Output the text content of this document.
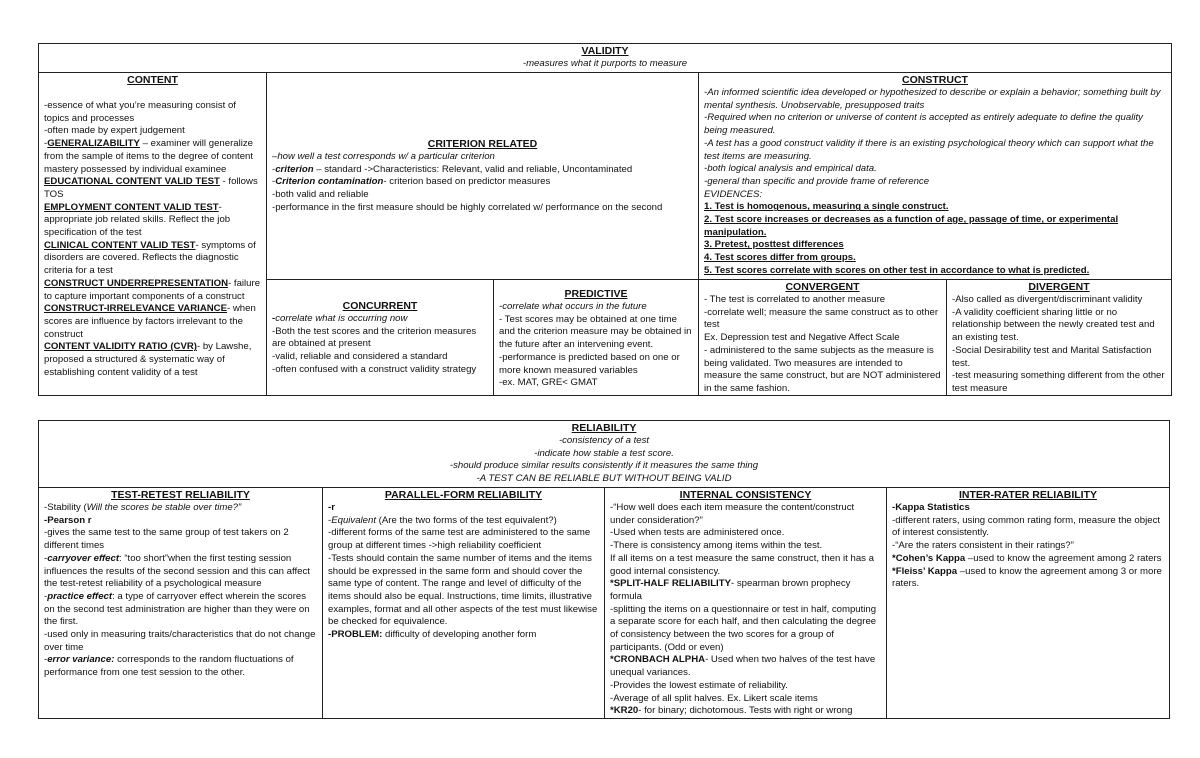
VALIDITY
-measures what it purports to measure
CONTENT

-essence of what you’re measuring consist of topics and processes

-often made by expert judgement

-GENERALIZABILITY – examiner will generalize from the sample of items to the degree of content mastery possessed by individual examinee

EDUCATIONAL CONTENT VALID TEST - follows TOS

EMPLOYMENT CONTENT VALID TEST- appropriate job related skills. Reflect the job specification of the test

CLINICAL CONTENT VALID TEST- symptoms of disorders are covered. Reflects the diagnostic criteria for a test

CONSTRUCT UNDERREPRESENTATION- failure to capture important components of a construct

CONSTRUCT-IRRELEVANCE VARIANCE- when scores are influence by factors irrelevant to the construct

CONTENT VALIDITY RATIO (CVR)- by Lawshe, proposed a structured & systematic way of establishing content validity of a test

CRITERION RELATED

–how well a test corresponds w/ a particular criterion

-criterion – standard ->Characteristics: Relevant, valid and reliable, Uncontaminated

-Criterion contamination- criterion based on predictor measures

-both valid and reliable

-performance in the first measure should be highly correlated w/ performance on the second

CONSTRUCT

-An informed scientific idea developed or hypothesized to describe or explain a behavior; something built by mental synthesis. Unobservable, presupposed traits

-Required when no criterion or universe of content is accepted as entirely adequate to define the quality being measured.

-A test has a good construct validity if there is an existing psychological theory which can support what the test items are measuring.

-both logical analysis and empirical data.

-general than specific and provide frame of reference

EVIDENCES:

1. Test is homogenous, measuring a single construct.

2. Test score increases or decreases as a function of age, passage of time, or experimental manipulation.

3. Pretest, posttest differences

4. Test scores differ from groups.

5. Test scores correlate with scores on other test in accordance to what is predicted.

CONCURRENT

-correlate what is occurring now

-Both the test scores and the criterion measures are obtained at present

-valid, reliable and considered a standard

-often confused with a construct validity strategy

PREDICTIVE

-correlate what occurs in the future

- Test scores may be obtained at one time and the criterion measure may be obtained in the future after an intervening event.

-performance is predicted based on one or more known measured variables

-ex. MAT, GRE< GMAT

CONVERGENT

- The test is correlated to another measure

-correlate well; measure the same construct as to other test

Ex. Depression test and Negative Affect Scale

- administered to the same subjects as the measure is being validated. Two measures are intended to measure the same construct, but are NOT administered in the same fashion.

DIVERGENT

-Also called as divergent/discriminant validity

-A validity coefficient sharing little or no relationship between the newly created test and an existing test.

-Social Desirability test and Marital Satisfaction test.

-test measuring something different from the other test measure

RELIABILITY
-consistency of a test
-indicate how stable a test score.
-should produce similar results consistently if it measures the same thing
-A TEST CAN BE RELIABLE BUT WITHOUT BEING VALID
TEST-RETEST RELIABILITY

-Stability (Will the scores be stable over time?”

-Pearson r

-gives the same test to the same group of test takers on 2 different times

-carryover effect: “too short”when the first testing session influences the results of the second session and this can affect the test-retest reliability of a psychological measure

-practice effect: a type of carryover effect wherein the scores on the second test administration are higher than they were on the first.

-used only in measuring traits/characteristics that do not change over time

-error variance: corresponds to the random fluctuations of performance from one test session to the other.

PARALLEL-FORM RELIABILITY

-r

-Equivalent (Are the two forms of the test equivalent?)

-different forms of the same test are administered to the same group at different times ->high reliability coefficient

-Tests should contain the same number of items and the items should be expressed in the same form and should cover the same type of content. The range and level of difficulty of the items should also be equal. Instructions, time limits, illustrative examples, format and all other aspects of the test must likewise be checked for equivalence.

-PROBLEM: difficulty of developing another form

INTERNAL CONSISTENCY

-“How well does each item measure the content/construct under consideration?”

-Used when tests are administered once.

-There is consistency among items within the test.

If all items on a test measure the same construct, then it has a good internal consistency.

*SPLIT-HALF RELIABILITY- spearman brown prophecy formula

-splitting the items on a questionnaire or test in half, computing a separate score for each half, and then calculating the degree of consistency between the two scores for a group of participants. (Odd or even)

*CRONBACH ALPHA- Used when two halves of the test have unequal variances.

-Provides the lowest estimate of reliability.

-Average of all split halves. Ex. Likert scale items

*KR20- for binary; dichotomous. Tests with right or wrong

INTER-RATER RELIABILITY

-Kappa Statistics

-different raters, using common rating form, measure the object of interest consistently.

-“Are the raters consistent in their ratings?”

*Cohen’s Kappa –used to know the agreement among 2 raters

*Fleiss’ Kappa –used to know the agreement among 3 or more raters.
